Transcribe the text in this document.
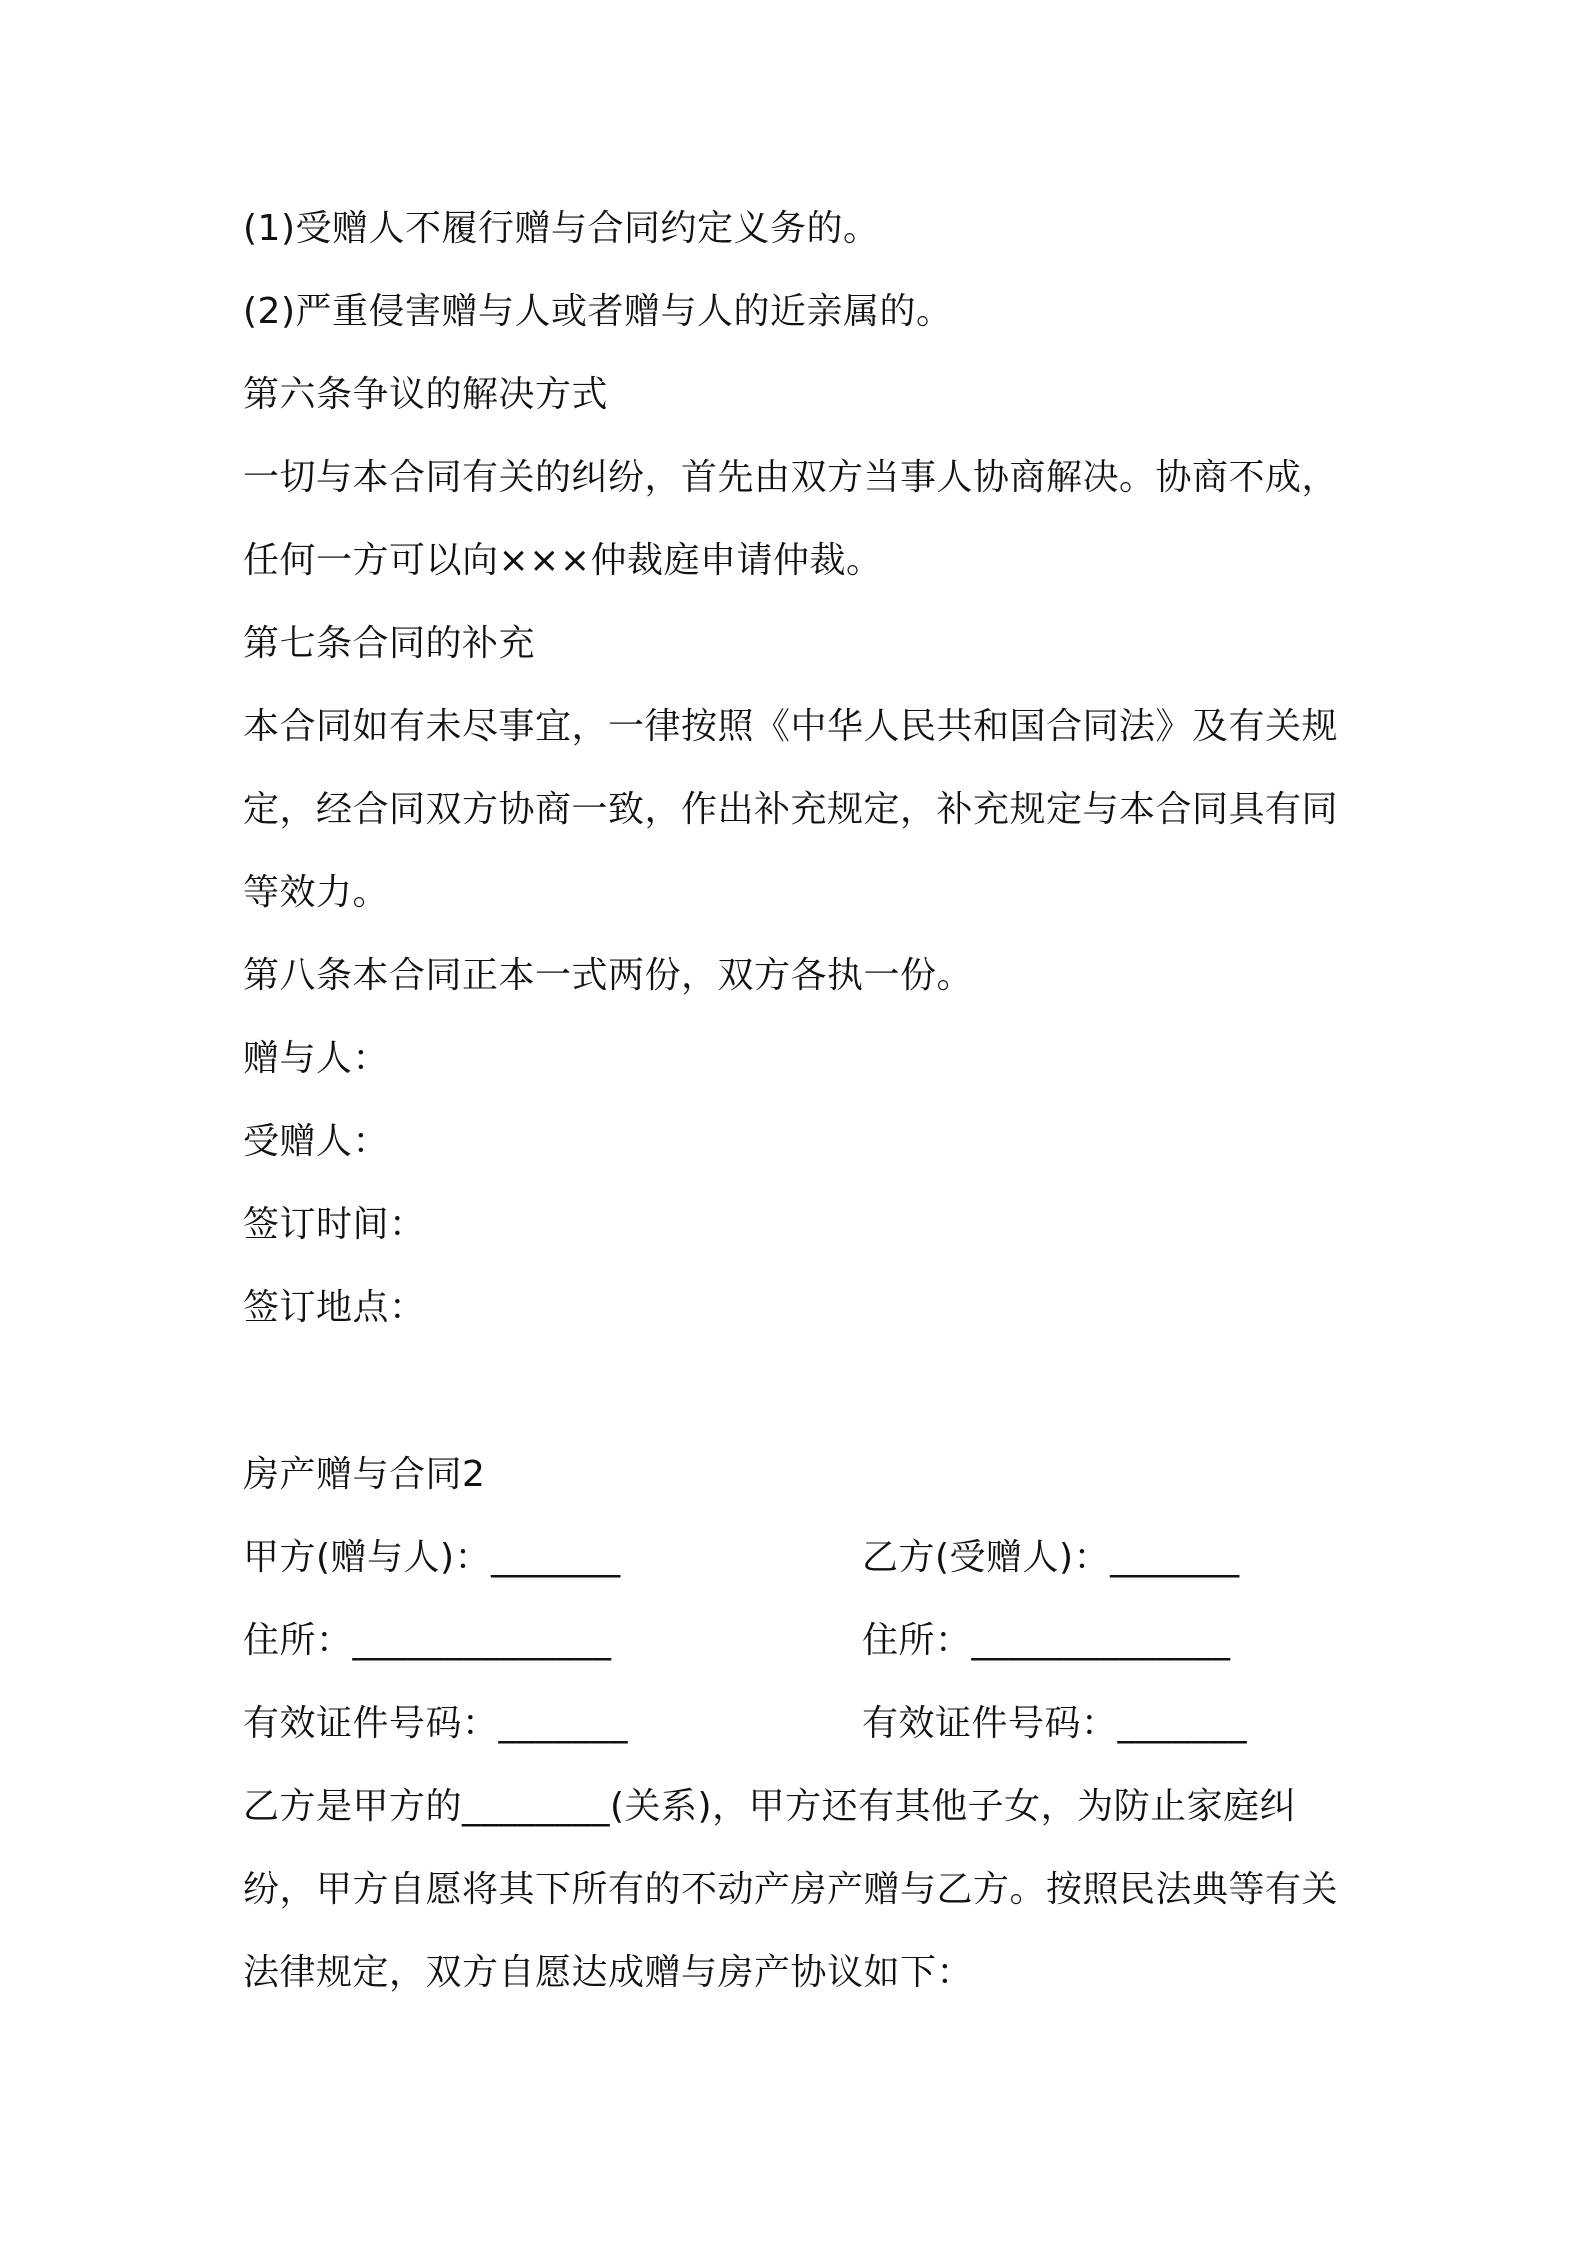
(1)受赠人不履行赠与合同约定义务的。
(2)严重侵害赠与人或者赠与人的近亲属的。
第六条争议的解决方式
一切与本合同有关的纠纷，首先由双方当事人协商解决。协商不成，
任何一方可以向×××仲裁庭申请仲裁。
第七条合同的补充
本合同如有未尽事宜，一律按照《中华人民共和国合同法》及有关规
定，经合同双方协商一致，作出补充规定，补充规定与本合同具有同
等效力。
第八条本合同正本一式两份，双方各执一份。
赠与人：
受赠人：
签订时间：
签订地点：
房产赠与合同2
甲方(赠与人)：_______	乙方(受赠人)：_______
住所：______________	住所：______________
有效证件号码：_______	有效证件号码：_______
乙方是甲方的________(关系)，甲方还有其他子女，为防止家庭纠
纷，甲方自愿将其下所有的不动产房产赠与乙方。按照民法典等有关
法律规定，双方自愿达成赠与房产协议如下：
